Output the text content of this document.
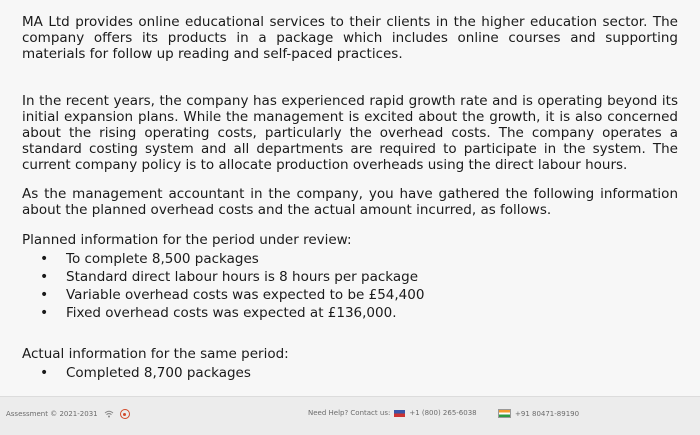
MA Ltd provides online educational services to their clients in the higher education sector. The company offers its products in a package which includes online courses and supporting materials for follow up reading and self-paced practices.

In the recent years, the company has experienced rapid growth rate and is operating beyond its initial expansion plans. While the management is excited about the growth, it is also concerned about the rising operating costs, particularly the overhead costs. The company operates a standard costing system and all departments are required to participate in the system. The current company policy is to allocate production overheads using the direct labour hours.

As the management accountant in the company, you have gathered the following information about the planned overhead costs and the actual amount incurred, as follows.

Planned information for the period under review:

• To complete 8,500 packages
• Standard direct labour hours is 8 hours per package
• Variable overhead costs was expected to be £54,400
• Fixed overhead costs was expected at £136,000.

Actual information for the same period:

• Completed 8,700 packages
Assessment © 2021-2031	Need Help? Contact us:	+1 (800) 265-6038	+91 80471-89190
